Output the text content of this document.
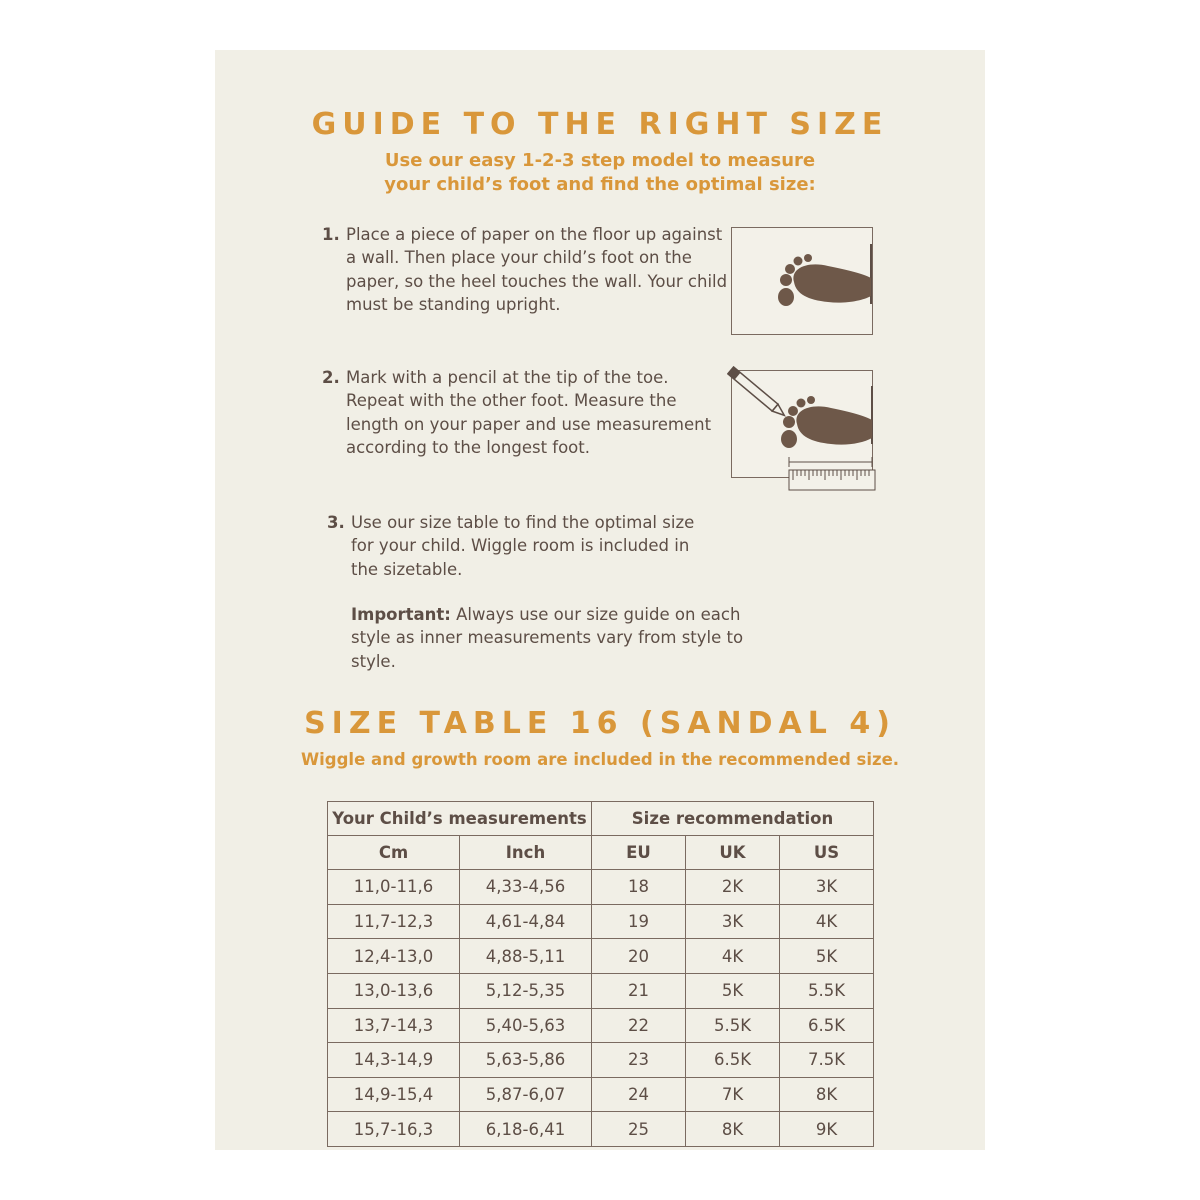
GUIDE TO THE RIGHT SIZE
Use our easy 1-2-3 step model to measure
your child’s foot and find the optimal size:
1. Place a piece of paper on the floor up against
a wall. Then place your child’s foot on the
paper, so the heel touches the wall. Your child
must be standing upright.
2. Mark with a pencil at the tip of the toe.
Repeat with the other foot. Measure the
length on your paper and use measurement
according to the longest foot.
3. Use our size table to find the optimal size
for your child. Wiggle room is included in
the sizetable.
Important: Always use our size guide on each
style as inner measurements vary from style to style.
SIZE TABLE 16 (SANDAL 4)
Wiggle and growth room are included in the recommended size.
Your Child’s measurements		Size recommendation		
Cm	Inch	EU	UK	US
11,0-11,6	4,33-4,56	18	2K	3K
11,7-12,3	4,61-4,84	19	3K	4K
12,4-13,0	4,88-5,11	20	4K	5K
13,0-13,6	5,12-5,35	21	5K	5.5K
13,7-14,3	5,40-5,63	22	5.5K	6.5K
14,3-14,9	5,63-5,86	23	6.5K	7.5K
14,9-15,4	5,87-6,07	24	7K	8K
15,7-16,3	6,18-6,41	25	8K	9K
